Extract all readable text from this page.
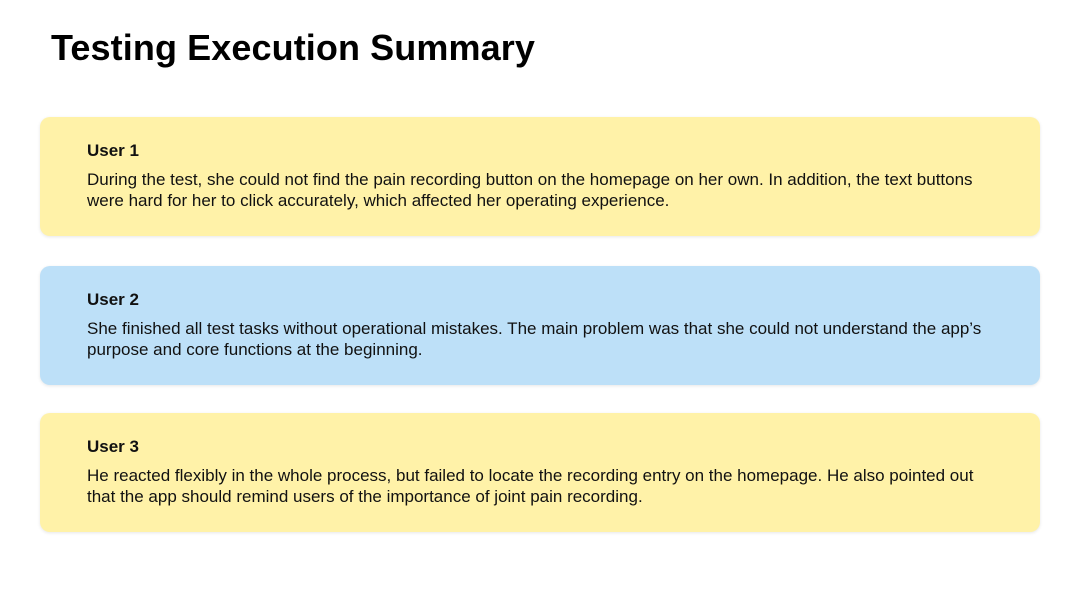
Testing Execution Summary
User 1

During the test, she could not find the pain recording button on the homepage on her own. In addition, the text buttons were hard for her to click accurately, which affected her operating experience.

User 2

She finished all test tasks without operational mistakes. The main problem was that she could not understand the app’s purpose and core functions at the beginning.

User 3

He reacted flexibly in the whole process, but failed to locate the recording entry on the homepage. He also pointed out that the app should remind users of the importance of joint pain recording.
